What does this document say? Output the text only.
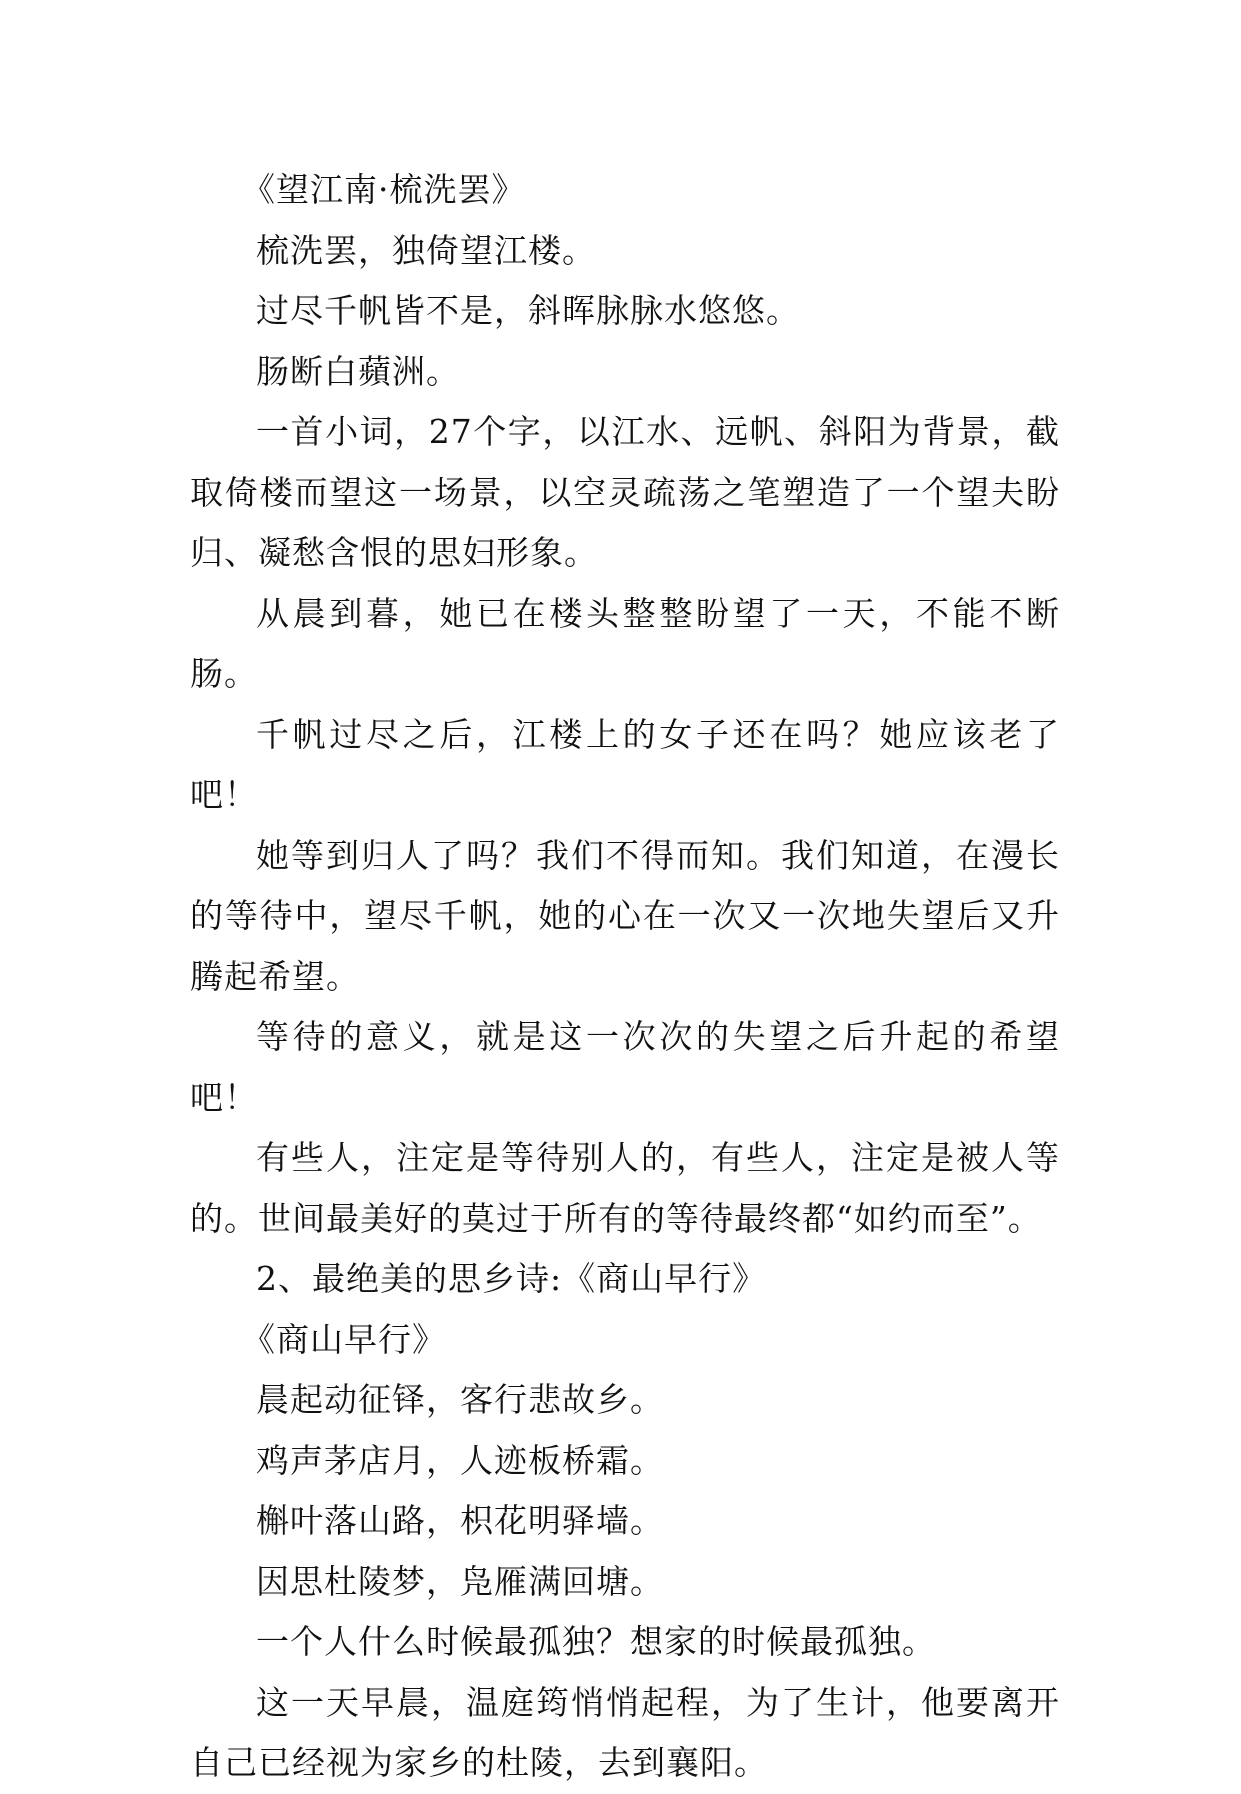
《望江南·梳洗罢》

梳洗罢，独倚望江楼。

过尽千帆皆不是，斜晖脉脉水悠悠。

肠断白蘋洲。

一首小词，27个字，以江水、远帆、斜阳为背景，截取倚楼而望这一场景，以空灵疏荡之笔塑造了一个望夫盼归、凝愁含恨的思妇形象。

从晨到暮，她已在楼头整整盼望了一天，不能不断肠。

千帆过尽之后，江楼上的女子还在吗？她应该老了吧！

她等到归人了吗？我们不得而知。我们知道，在漫长的等待中，望尽千帆，她的心在一次又一次地失望后又升腾起希望。

等待的意义，就是这一次次的失望之后升起的希望吧！

有些人，注定是等待别人的，有些人，注定是被人等的。世间最美好的莫过于所有的等待最终都“如约而至”。

2、最绝美的思乡诗:《商山早行》

《商山早行》

晨起动征铎，客行悲故乡。

鸡声茅店月，人迹板桥霜。

槲叶落山路，枳花明驿墙。

因思杜陵梦，凫雁满回塘。

一个人什么时候最孤独？想家的时候最孤独。

这一天早晨，温庭筠悄悄起程，为了生计，他要离开自己已经视为家乡的杜陵，去到襄阳。
